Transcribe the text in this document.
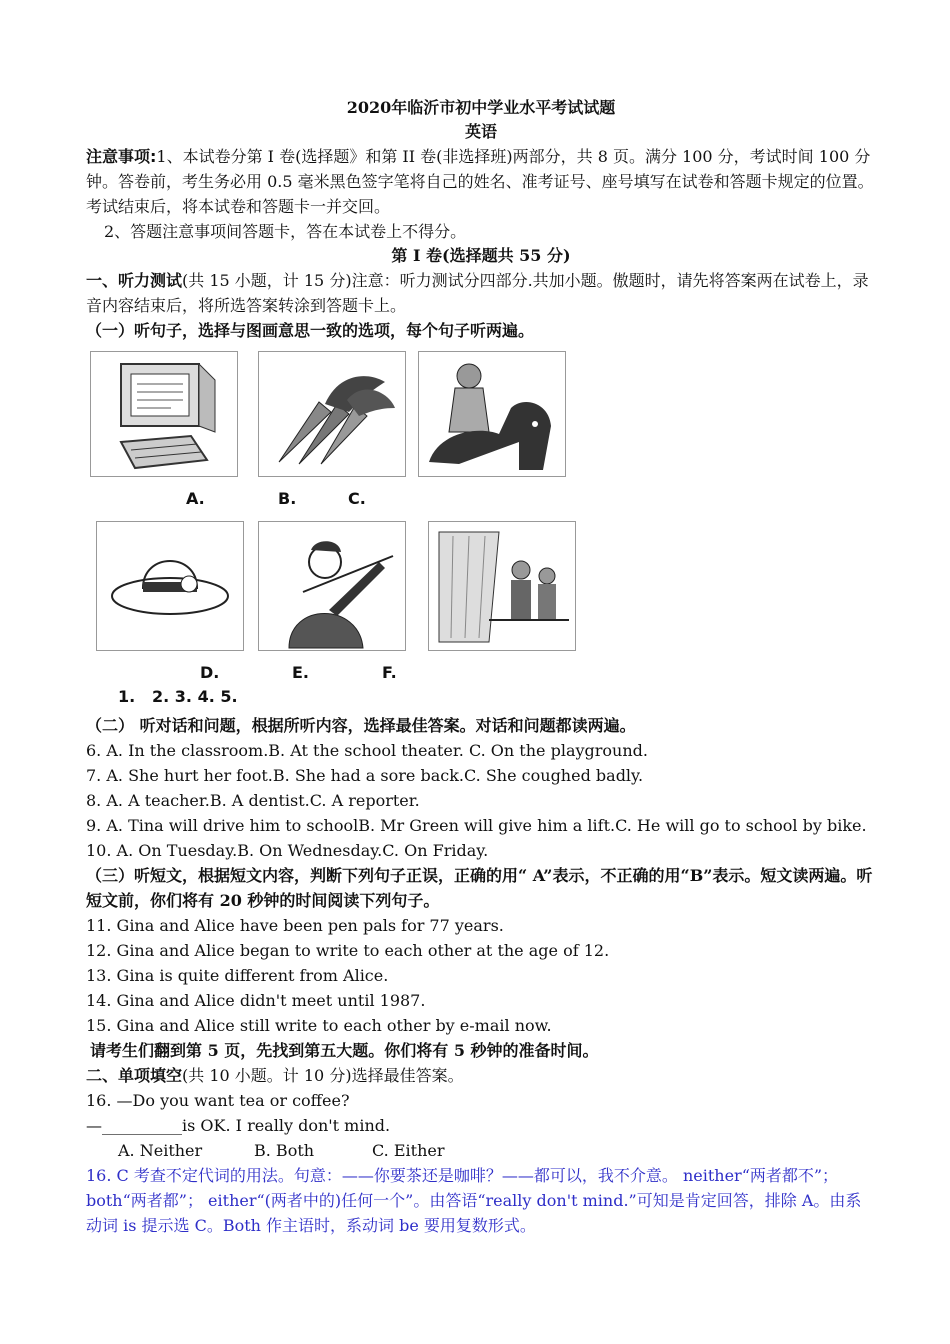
2020年临沂市初中学业水平考试试题
英语

注意事项:1、本试卷分第 I 卷(选择题》和第 II 卷(非选择班)两部分，共 8 页。满分 100 分，考试时间 100 分钟。答卷前，考生务必用 0.5 毫米黑色签字笔将自己的姓名、准考证号、座号填写在试卷和答题卡规定的位置。考试结束后，将本试卷和答题卡一并交回。

2、答题注意事项间答题卡，答在本试卷上不得分。

第 I 卷(选择题共 55 分)

一、听力测试(共 15 小题，计 15 分)注意：听力测试分四部分.共加小题。傲题时，请先将答案两在试卷上，录音内容结束后，将所选答案转涂到答题卡上。

（一）听句子，选择与图画意思一致的选项，每个句子听两遍。

A.	B.	C.
D.	E.	F.
1. 2. 3. 4. 5.

（二） 听对话和问题，根据所听内容，选择最佳答案。对话和问题都读两遍。

6. A. In the classroom.B. At the school theater. C. On the playground.

7. A. She hurt her foot.B. She had a sore back.C. She coughed badly.

8. A. A teacher.B. A dentist.C. A reporter.

9. A. Tina will drive him to schoolB. Mr Green will give him a lift.C. He will go to school by bike.

10. A. On Tuesday.B. On Wednesday.C. On Friday.

（三）听短文，根据短文内容，判断下列句子正误，正确的用“ A”表示，不正确的用“B”表示。短文读两遍。听短文前，你们将有 20 秒钟的时间阅读下列句子。

11. Gina and Alice have been pen pals for 77 years.

12. Gina and Alice began to write to each other at the age of 12.

13. Gina is quite different from Alice.

14. Gina and Alice didn't meet until 1987.

15. Gina and Alice still write to each other by e-mail now.

请考生们翻到第 5 页，先找到第五大题。你们将有 5 秒钟的准备时间。

二、单项填空(共 10 小题。计 10 分)选择最佳答案。

16. —Do you want tea or coffee?

—__________is OK. I really don't mind.

A. Neither	B. Both	C. Either

16. C 考查不定代词的用法。句意：——你要茶还是咖啡？——都可以，我不介意。 neither“两者都不”； both“两者都”； either“(两者中的)任何一个”。由答语“really don't mind.”可知是肯定回答，排除 A。由系动词 is 提示选 C。Both 作主语时，系动词 be 要用复数形式。
